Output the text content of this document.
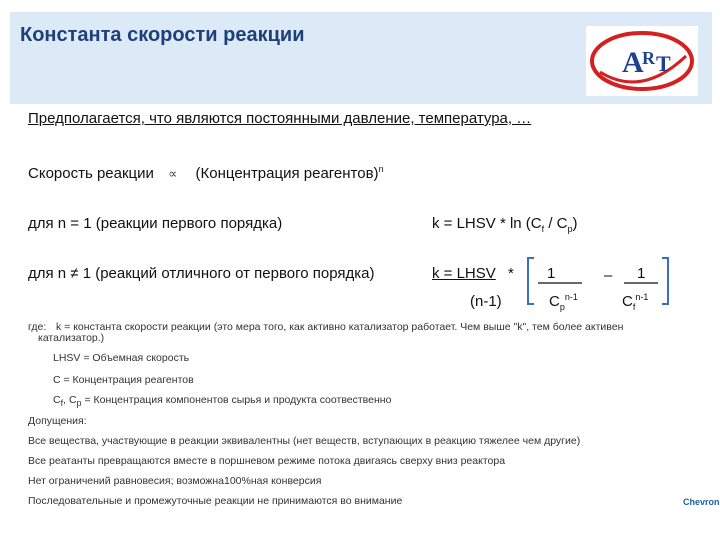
Константа скорости реакции
A
R T
Предполагается, что являются постоянными давление, температура, …
Скорость реакции ∝ (Концентрация реагентов)$^n$
для n = 1 (реакции первого порядка)	k = LHSV * $\ln (C_f / C_p)$
для n ≠ 1 (реакций отличного от первого порядка)	k = LHSV * 1	– 1
(n-1)	$C_p^{n-1}$	$C_f^{n-1}$
где: k = константа скорости реакции (это мера того, как активно катализатор работает. Чем выше "k", тем более активен
катализатор.)
LHSV = Объемная скорость
C = Концентрация реагентов
$C_f$, $C_p$ = Концентрация компонентов сырья и продукта соотвественно
Допущения:
Все вещества, участвующие в реакции эквивалентны (нет веществ, вступающих в реакцию тяжелее чем другие)
Все реатанты превращаются вместе в поршневом режиме потока двигаясь сверху вниз реактора
Нет ограничений равновесия; возможна100%ная конверсия
Последовательные и промежуточные реакции не принимаются во внимание	Chevron
